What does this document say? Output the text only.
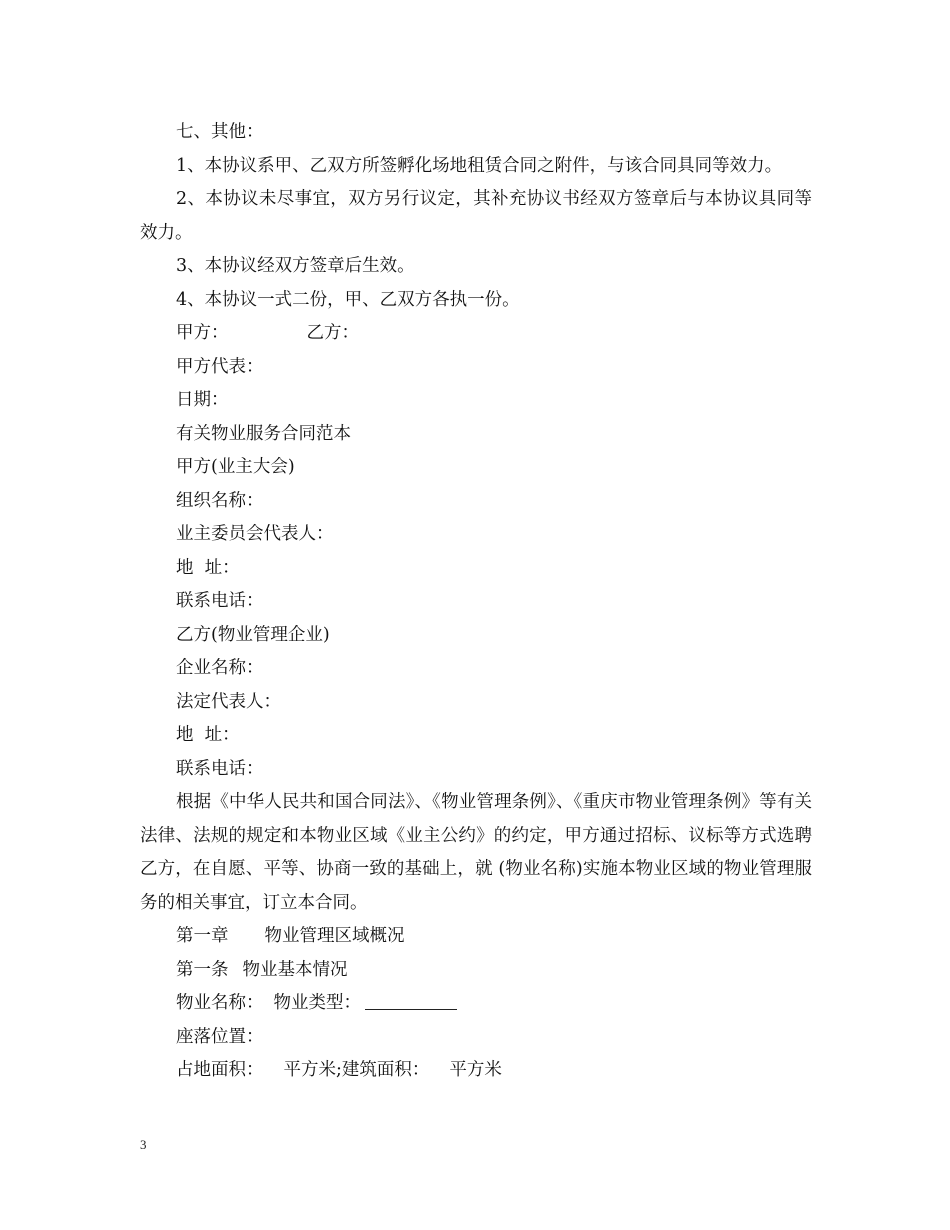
七、其他：

1、本协议系甲、乙双方所签孵化场地租赁合同之附件，与该合同具同等效力。

2、本协议未尽事宜，双方另行议定，其补充协议书经双方签章后与本协议具同等效力。

3、本协议经双方签章后生效。

4、本协议一式二份，甲、乙双方各执一份。

甲方：	乙方：

甲方代表：

日期：

有关物业服务合同范本

甲方(业主大会)

组织名称：

业主委员会代表人：

地  址：

联系电话：

乙方(物业管理企业)

企业名称：

法定代表人：

地  址：

联系电话：

根据《中华人民共和国合同法》、《物业管理条例》、《重庆市物业管理条例》等有关法律、法规的规定和本物业区域《业主公约》的约定，甲方通过招标、议标等方式选聘乙方，在自愿、平等、协商一致的基础上，就 (物业名称)实施本物业区域的物业管理服务的相关事宜，订立本合同。

第一章 物业管理区域概况

第一条 物业基本情况

物业名称： 物业类型：

座落位置：

占地面积： 平方米;建筑面积： 平方米

3
